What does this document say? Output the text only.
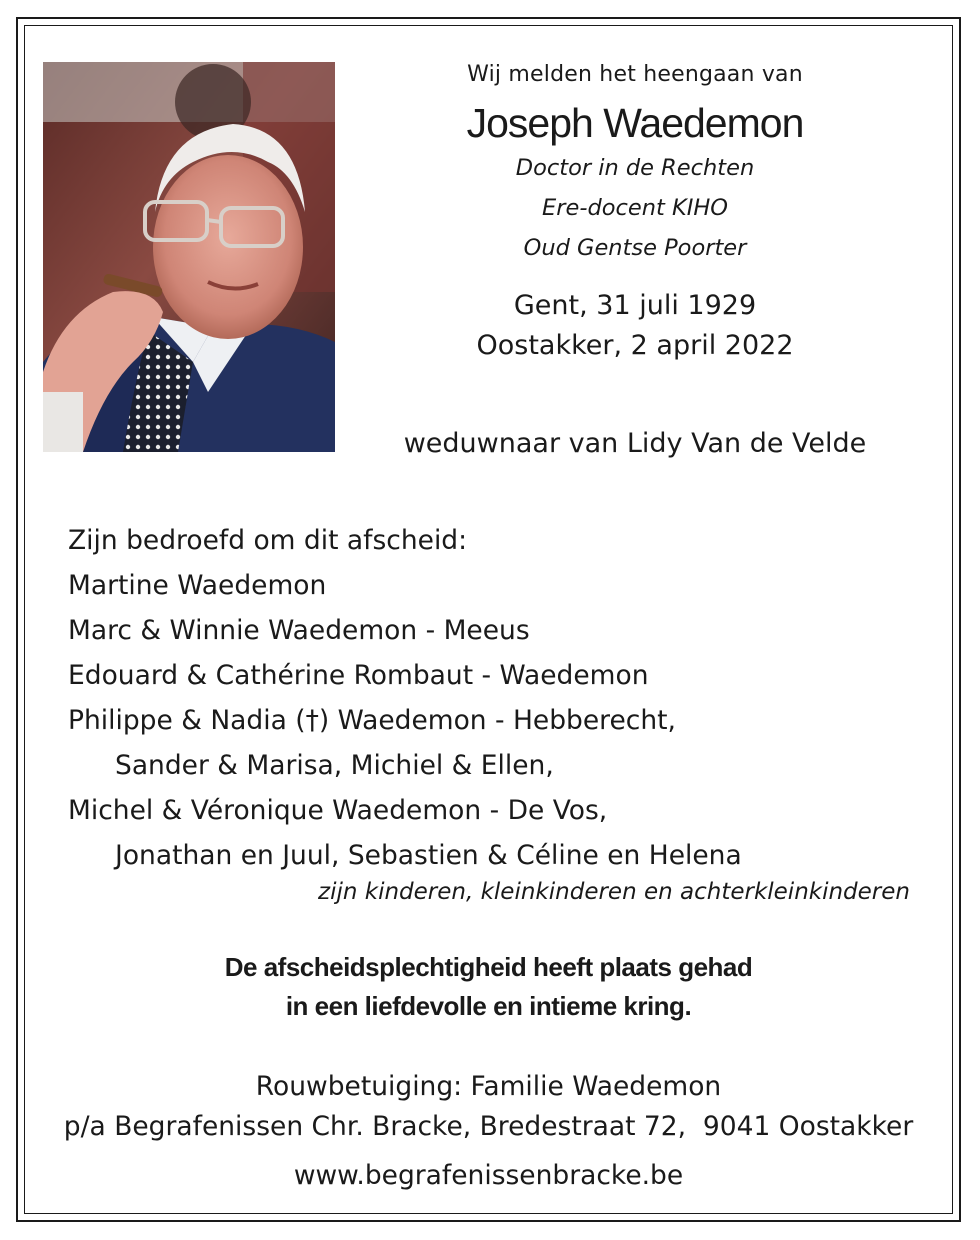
Wij melden het heengaan van
Joseph Waedemon
Doctor in de Rechten
Ere-docent KIHO
Oud Gentse Poorter
Gent, 31 juli 1929
Oostakker, 2 april 2022
weduwnaar van Lidy Van de Velde
Zijn bedroefd om dit afscheid:
Martine Waedemon
Marc & Winnie Waedemon - Meeus
Edouard & Cathérine Rombaut - Waedemon
Philippe & Nadia (†) Waedemon - Hebberecht,
Sander & Marisa, Michiel & Ellen,
Michel & Véronique Waedemon - De Vos,
Jonathan en Juul, Sebastien & Céline en Helena
zijn kinderen, kleinkinderen en achterkleinkinderen
De afscheidsplechtigheid heeft plaats gehad
in een liefdevolle en intieme kring.
Rouwbetuiging: Familie Waedemon
p/a Begrafenissen Chr. Bracke, Bredestraat 72,  9041 Oostakker
www.begrafenissenbracke.be
